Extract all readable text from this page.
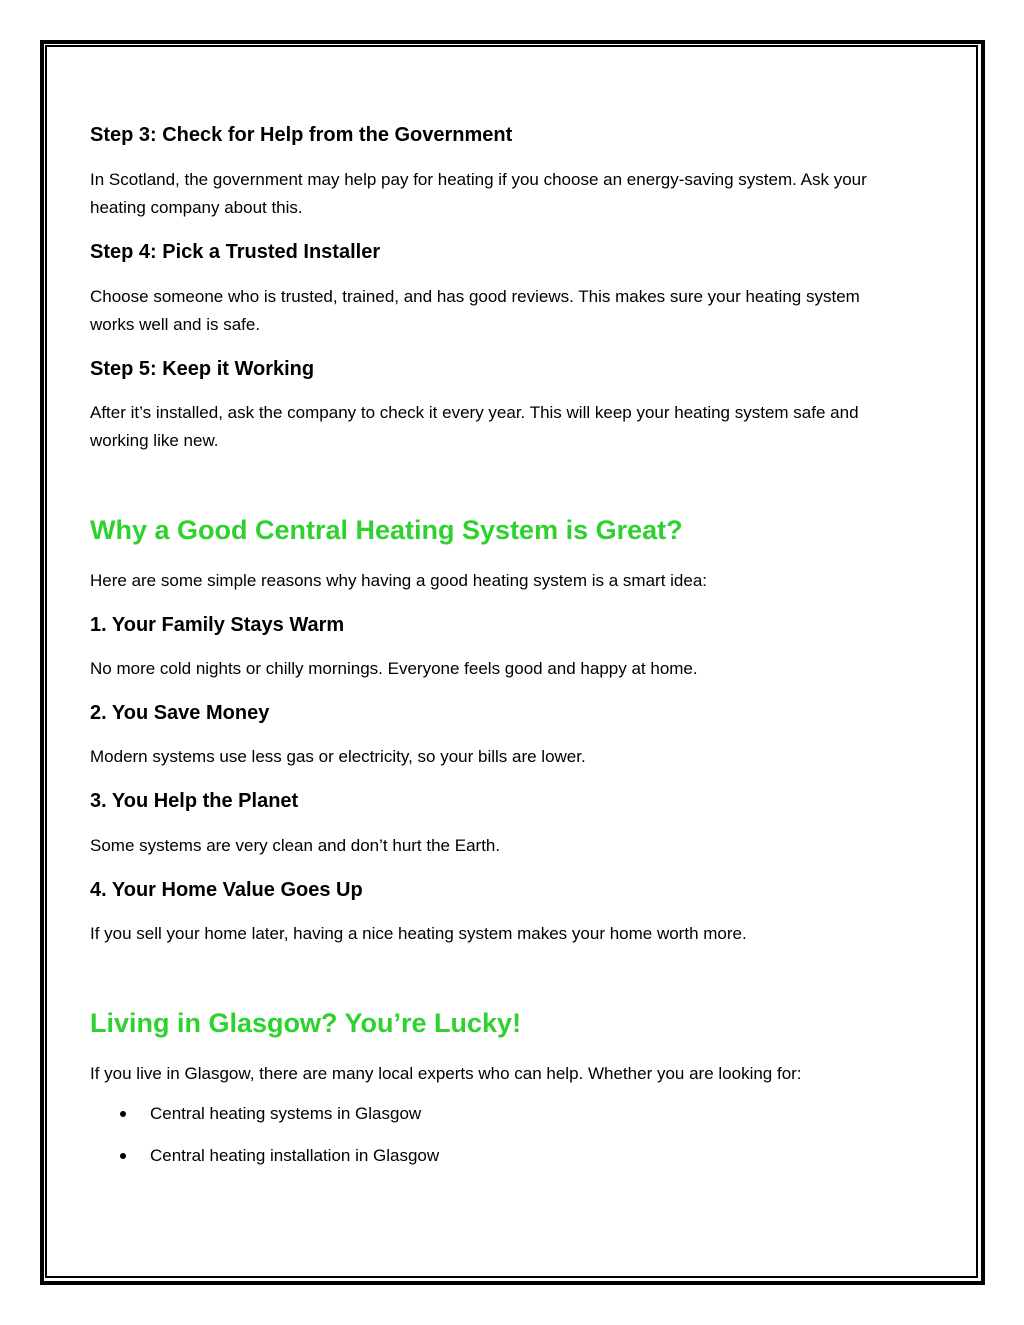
Step 3: Check for Help from the Government

In Scotland, the government may help pay for heating if you choose an energy-saving system. Ask your

heating company about this.

Step 4: Pick a Trusted Installer

Choose someone who is trusted, trained, and has good reviews. This makes sure your heating system

works well and is safe.

Step 5: Keep it Working

After it’s installed, ask the company to check it every year. This will keep your heating system safe and

working like new.

Why a Good Central Heating System is Great?

Here are some simple reasons why having a good heating system is a smart idea:

1. Your Family Stays Warm

No more cold nights or chilly mornings. Everyone feels good and happy at home.

2. You Save Money

Modern systems use less gas or electricity, so your bills are lower.

3. You Help the Planet

Some systems are very clean and don’t hurt the Earth.

4. Your Home Value Goes Up

If you sell your home later, having a nice heating system makes your home worth more.

Living in Glasgow? You’re Lucky!

If you live in Glasgow, there are many local experts who can help. Whether you are looking for:

Central heating systems in Glasgow
Central heating installation in Glasgow
